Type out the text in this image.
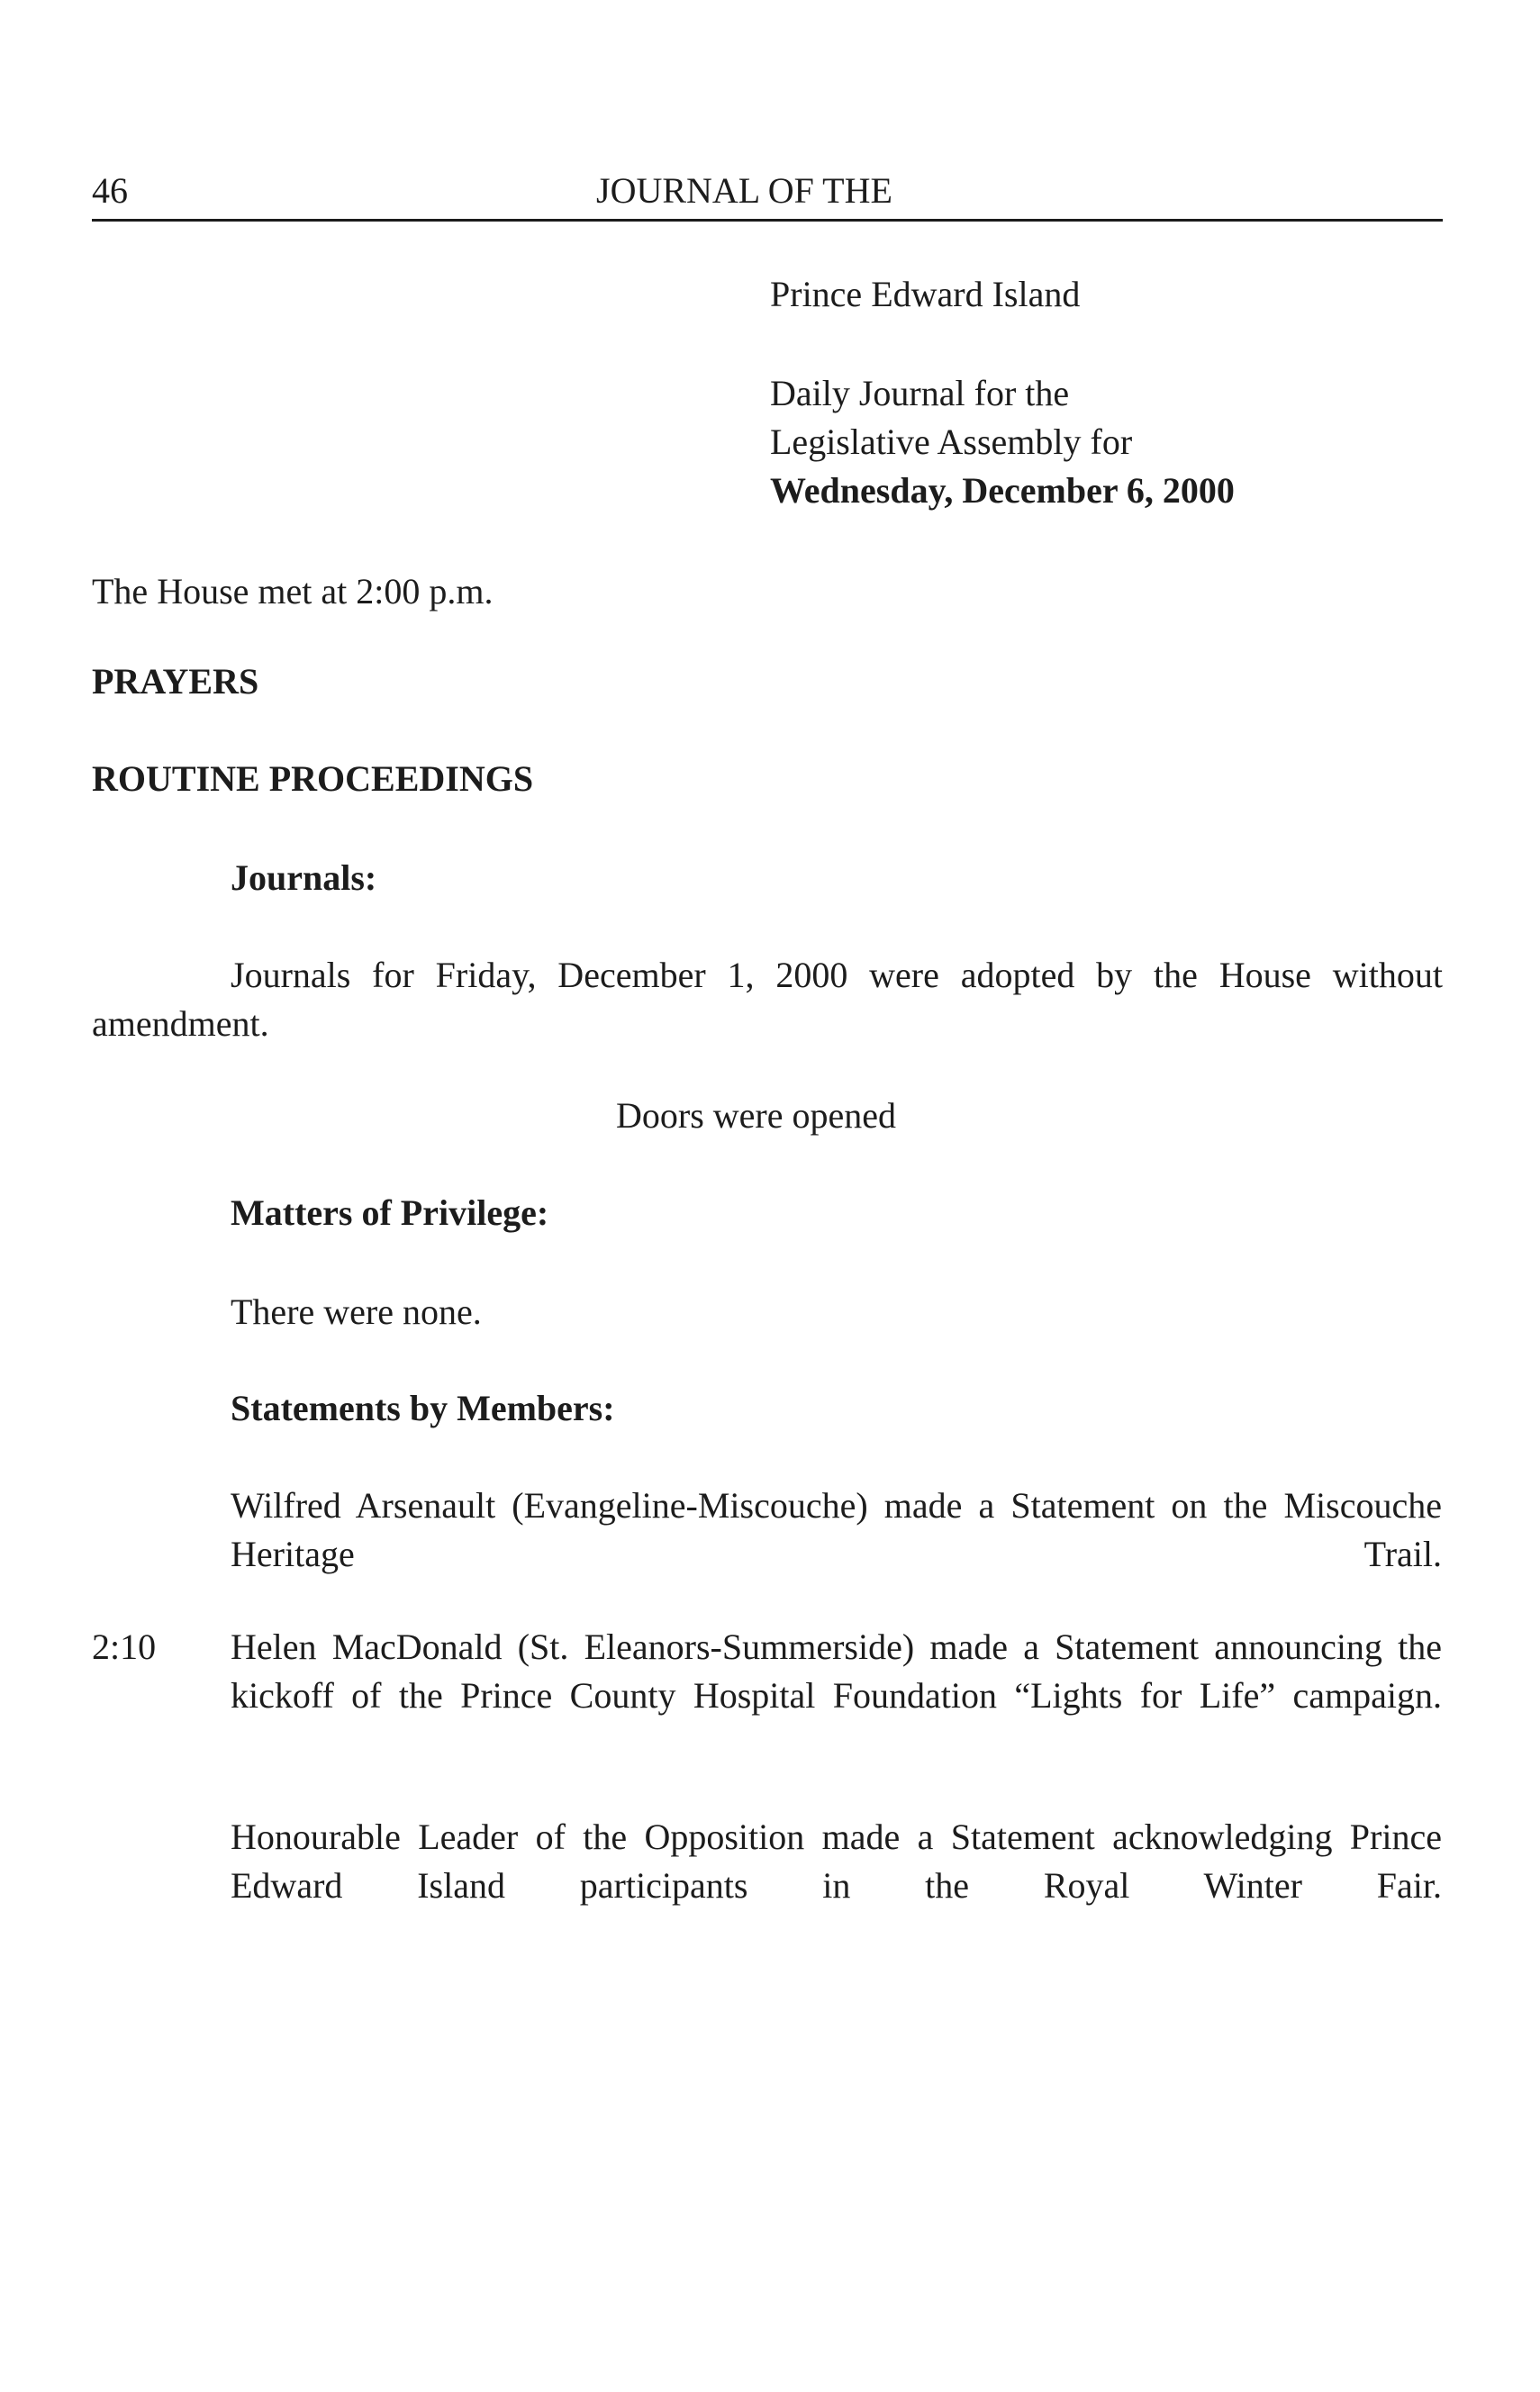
46	JOURNAL OF THE
Prince Edward Island
Daily Journal for the
Legislative Assembly for
Wednesday, December 6, 2000
The House met at 2:00 p.m.
PRAYERS
ROUTINE PROCEEDINGS
Journals:
Journals for Friday, December 1, 2000 were adopted by the House without amendment.
Doors were opened
Matters of Privilege:
There were none.
Statements by Members:
Wilfred Arsenault (Evangeline-Miscouche) made a Statement on the Miscouche Heritage Trail.
2:10 Helen MacDonald (St. Eleanors-Summerside) made a Statement announcing the kickoff of the Prince County Hospital Foundation “Lights for Life” campaign.
Honourable Leader of the Opposition made a Statement acknowledging Prince Edward Island participants in the Royal Winter Fair.
